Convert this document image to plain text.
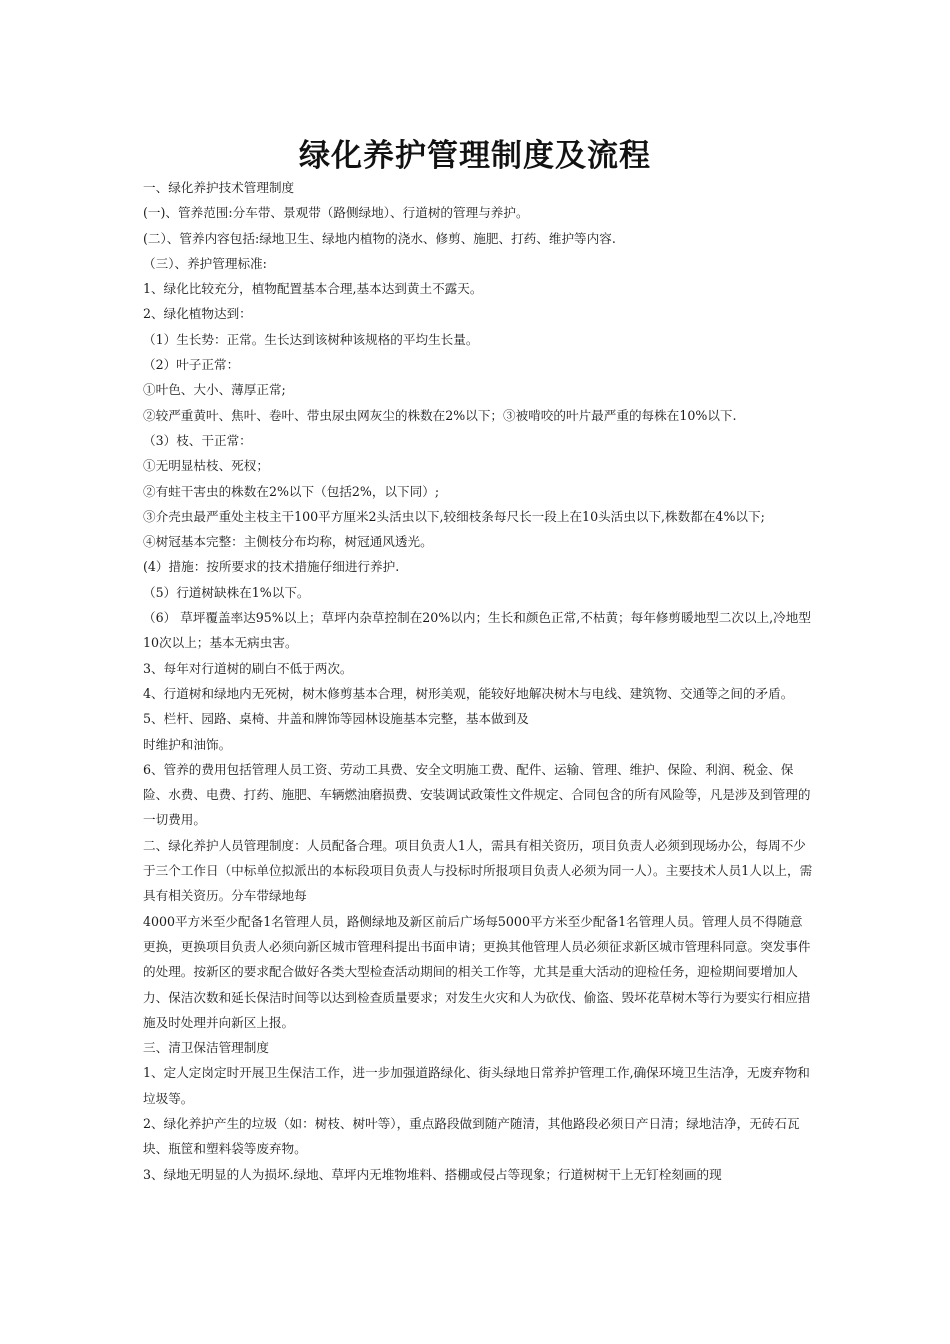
绿化养护管理制度及流程

一、绿化养护技术管理制度

(一)、管养范围:分车带、景观带（路侧绿地）、行道树的管理与养护。

(二）、管养内容包括:绿地卫生、绿地内植物的浇水、修剪、施肥、打药、维护等内容.

（三）、养护管理标准:

1、绿化比较充分，植物配置基本合理,基本达到黄土不露天。

2、绿化植物达到：

（1）生长势：正常。生长达到该树种该规格的平均生长量。

（2）叶子正常：

①叶色、大小、薄厚正常;

②较严重黄叶、焦叶、卷叶、带虫尿虫网灰尘的株数在2%以下；③被啃咬的叶片最严重的每株在10%以下.

（3）枝、干正常：

①无明显枯枝、死杈；

②有蛀干害虫的株数在2%以下（包括2%，以下同）;

③介壳虫最严重处主枝主干100平方厘米2头活虫以下,较细枝条每尺长一段上在10头活虫以下,株数都在4%以下;

④树冠基本完整：主侧枝分布均称，树冠通风透光。

(4）措施：按所要求的技术措施仔细进行养护.

（5）行道树缺株在1%以下。

（6） 草坪覆盖率达95%以上；草坪内杂草控制在20%以内；生长和颜色正常,不枯黄；每年修剪暖地型二次以上,冷地型10次以上；基本无病虫害。

3、每年对行道树的刷白不低于两次。

4、行道树和绿地内无死树，树木修剪基本合理，树形美观，能较好地解决树木与电线、建筑物、交通等之间的矛盾。

5、栏杆、园路、桌椅、井盖和牌饰等园林设施基本完整，基本做到及

时维护和油饰。

6、管养的费用包括管理人员工资、劳动工具费、安全文明施工费、配件、运输、管理、维护、保险、利润、税金、保险、水费、电费、打药、施肥、车辆燃油磨损费、安装调试政策性文件规定、合同包含的所有风险等，凡是涉及到管理的一切费用。

二、绿化养护人员管理制度：人员配备合理。项目负责人1人，需具有相关资历，项目负责人必须到现场办公，每周不少于三个工作日（中标单位拟派出的本标段项目负责人与投标时所报项目负责人必须为同一人）。主要技术人员1人以上，需具有相关资历。分车带绿地每

4000平方米至少配备1名管理人员，路侧绿地及新区前后广场每5000平方米至少配备1名管理人员。管理人员不得随意更换，更换项目负责人必须向新区城市管理科提出书面申请；更换其他管理人员必须征求新区城市管理科同意。突发事件的处理。按新区的要求配合做好各类大型检查活动期间的相关工作等，尤其是重大活动的迎检任务，迎检期间要增加人力、保洁次数和延长保洁时间等以达到检查质量要求；对发生火灾和人为砍伐、偷盗、毁坏花草树木等行为要实行相应措施及时处理并向新区上报。

三、清卫保洁管理制度

1、定人定岗定时开展卫生保洁工作，进一步加强道路绿化、街头绿地日常养护管理工作,确保环境卫生洁净，无废弃物和垃圾等。

2、绿化养护产生的垃圾（如：树枝、树叶等），重点路段做到随产随清，其他路段必须日产日清；绿地洁净，无砖石瓦块、瓶筐和塑料袋等废弃物。

3、绿地无明显的人为损坏.绿地、草坪内无堆物堆料、搭棚或侵占等现象；行道树树干上无钉栓刻画的现
